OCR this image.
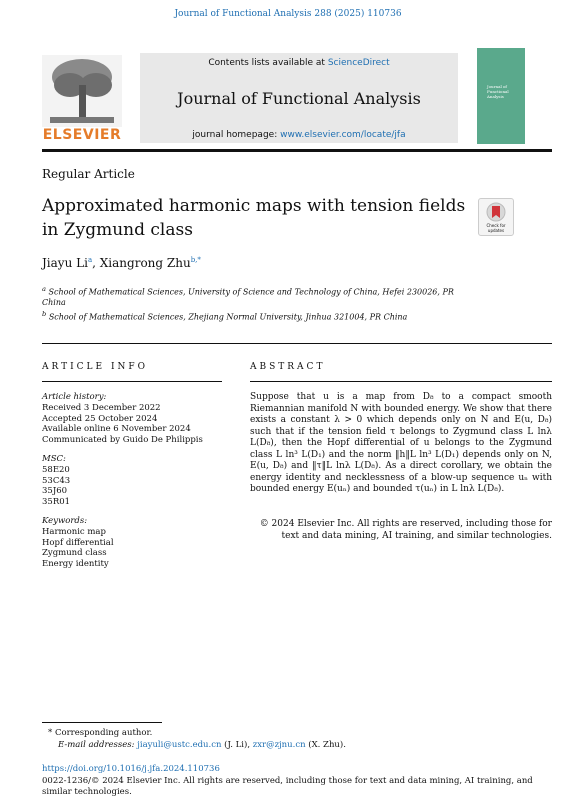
Journal of Functional Analysis 288 (2025) 110736
ELSEVIER
Contents lists available at ScienceDirect
Journal of Functional Analysis
journal homepage: www.elsevier.com/locate/jfa
Journal of Functional Analysis
Regular Article
Approximated harmonic maps with tension fields in Zygmund class	Check for updates
Jiayu Li$^a$, Xiangrong Zhu$^{b,*}$
$^a$ School of Mathematical Sciences, University of Science and Technology of China, Hefei 230026, PR China
$^b$ School of Mathematical Sciences, Zhejiang Normal University, Jinhua 321004, PR China
ARTICLE INFO	ABSTRACT
Article history:
Received 3 December 2022
Accepted 25 October 2024
Available online 6 November 2024
Communicated by Guido De Philippis
MSC:
58E20
53C43
35J60
35R01
Keywords:
Harmonic map
Hopf differential
Zygmund class
Energy identity
Suppose that u is a map from D₈ to a compact smooth Riemannian manifold N with bounded energy. We show that there exists a constant λ > 0 which depends only on N and E(u, D₈) such that if the tension field τ belongs to Zygmund class L lnλ L(D₈), then the Hopf differential of u belongs to the Zygmund class L ln³ L(D₁) and the norm ‖h‖L ln³ L(D₁) depends only on N, E(u, D₈) and ‖τ‖L lnλ L(D₈). As a direct corollary, we obtain the energy identity and necklessness of a blow-up sequence uₙ with bounded energy E(uₙ) and bounded τ(uₙ) in L lnλ L(D₈).
© 2024 Elsevier Inc. All rights are reserved, including those for text and data mining, AI training, and similar technologies.
* Corresponding author.
E-mail addresses: jiayuli@ustc.edu.cn (J. Li), zxr@zjnu.cn (X. Zhu).
https://doi.org/10.1016/j.jfa.2024.110736
0022-1236/© 2024 Elsevier Inc. All rights are reserved, including those for text and data mining, AI training, and similar technologies.
